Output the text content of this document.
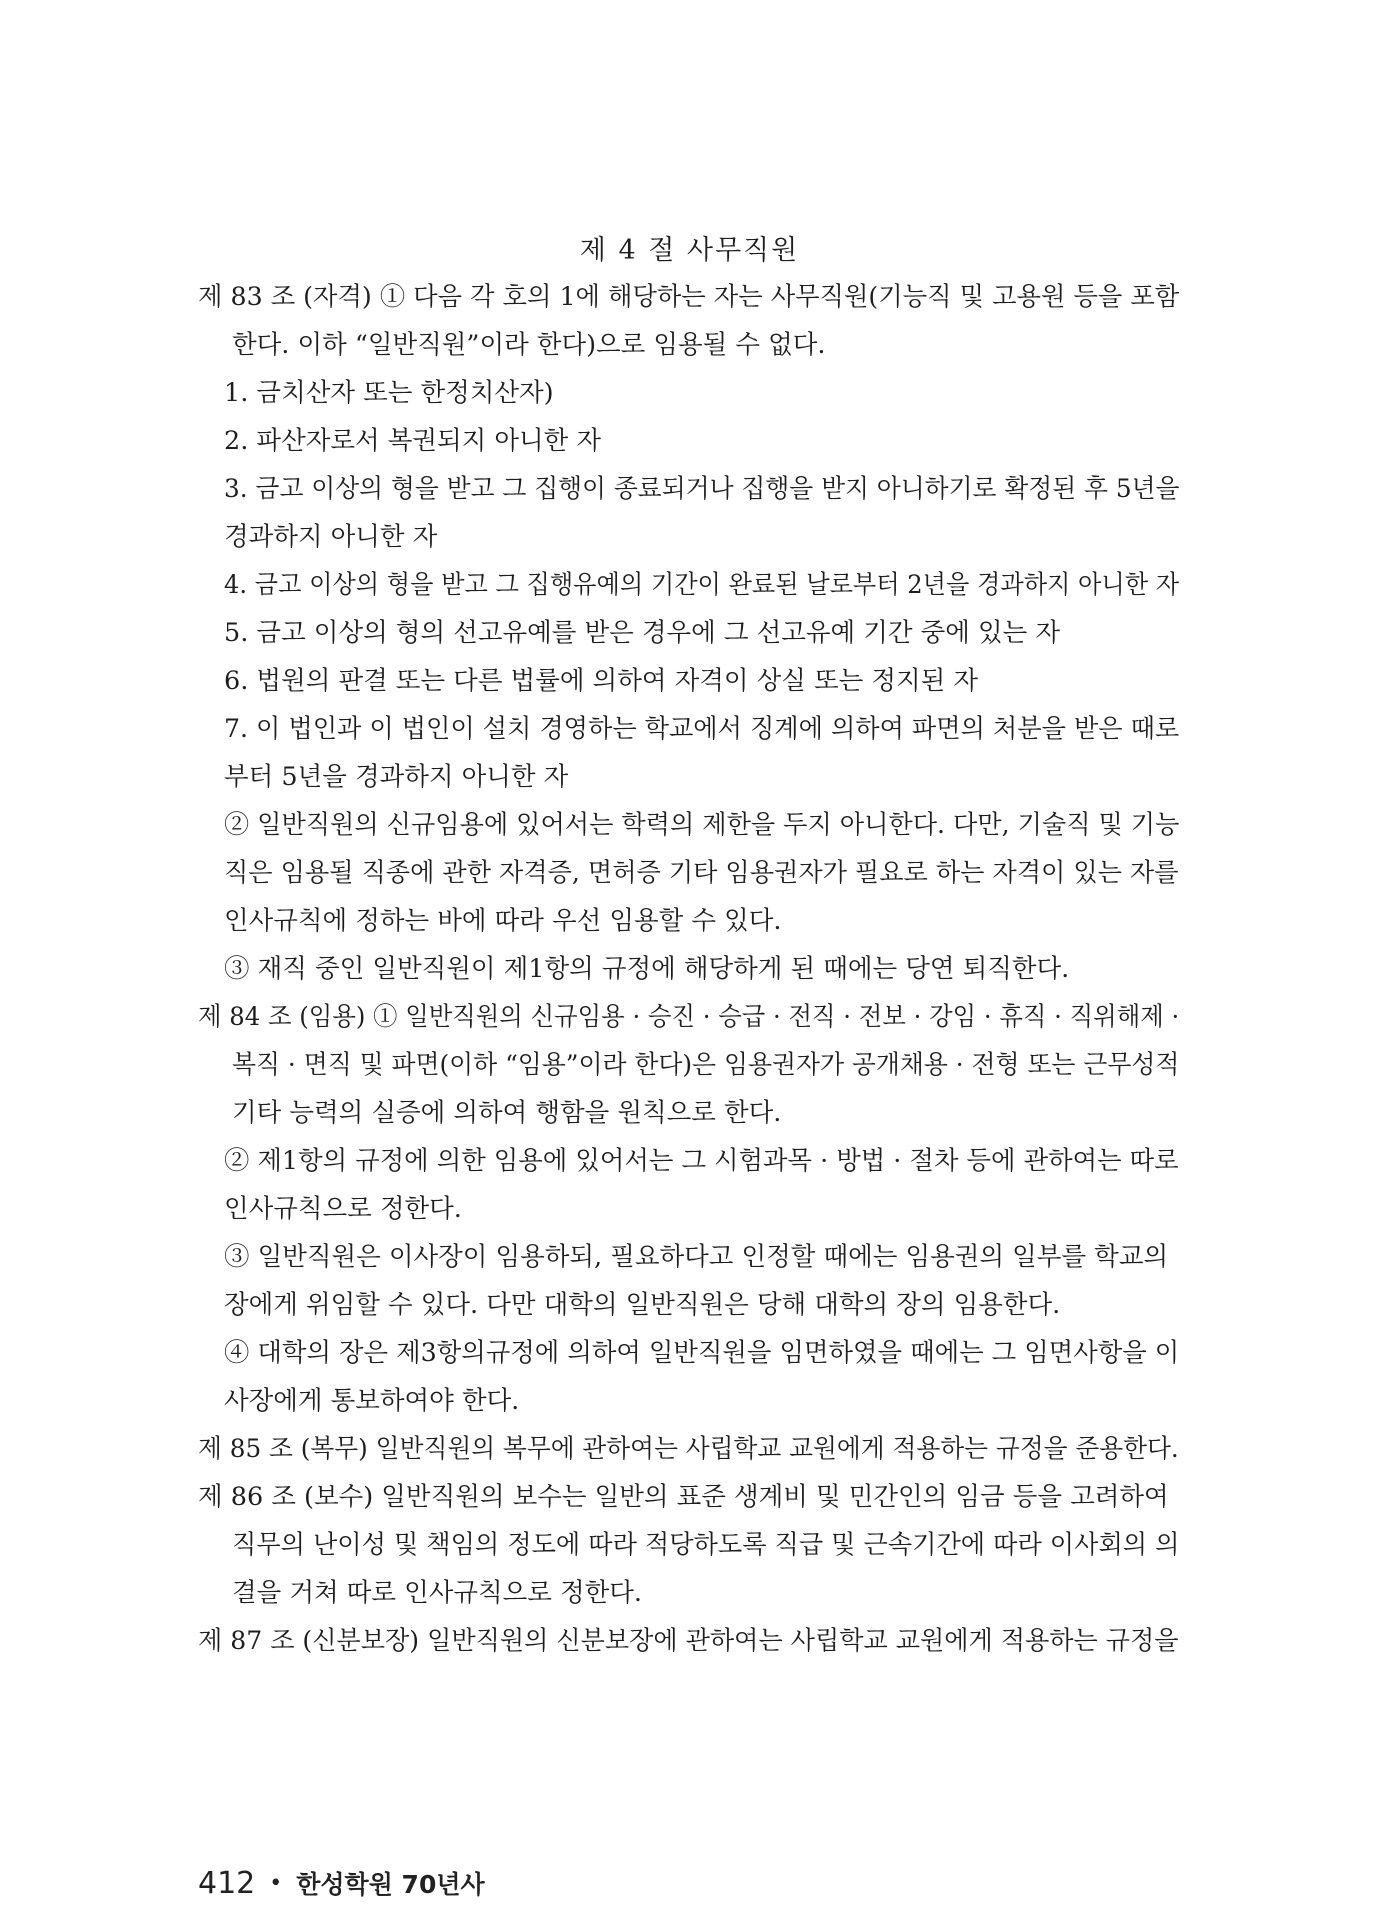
제 4 절 사무직원
제 83 조 (자격) ① 다음 각 호의 1에 해당하는 자는 사무직원(기능직 및 고용원 등을 포함
한다. 이하 “일반직원”이라 한다)으로 임용될 수 없다.
1. 금치산자 또는 한정치산자)
2. 파산자로서 복권되지 아니한 자
3. 금고 이상의 형을 받고 그 집행이 종료되거나 집행을 받지 아니하기로 확정된 후 5년을
경과하지 아니한 자
4. 금고 이상의 형을 받고 그 집행유예의 기간이 완료된 날로부터 2년을 경과하지 아니한 자
5. 금고 이상의 형의 선고유예를 받은 경우에 그 선고유예 기간 중에 있는 자
6. 법원의 판결 또는 다른 법률에 의하여 자격이 상실 또는 정지된 자
7. 이 법인과 이 법인이 설치 경영하는 학교에서 징계에 의하여 파면의 처분을 받은 때로
부터 5년을 경과하지 아니한 자
② 일반직원의 신규임용에 있어서는 학력의 제한을 두지 아니한다. 다만, 기술직 및 기능
직은 임용될 직종에 관한 자격증, 면허증 기타 임용권자가 필요로 하는 자격이 있는 자를
인사규칙에 정하는 바에 따라 우선 임용할 수 있다.
③ 재직 중인 일반직원이 제1항의 규정에 해당하게 된 때에는 당연 퇴직한다.
제 84 조 (임용) ① 일반직원의 신규임용 · 승진 · 승급 · 전직 · 전보 · 강임 · 휴직 · 직위해제 ·
복직 · 면직 및 파면(이하 “임용”이라 한다)은 임용권자가 공개채용 · 전형 또는 근무성적
기타 능력의 실증에 의하여 행함을 원칙으로 한다.
② 제1항의 규정에 의한 임용에 있어서는 그 시험과목 · 방법 · 절차 등에 관하여는 따로
인사규칙으로 정한다.
③ 일반직원은 이사장이 임용하되, 필요하다고 인정할 때에는 임용권의 일부를 학교의
장에게 위임할 수 있다. 다만 대학의 일반직원은 당해 대학의 장의 임용한다.
④ 대학의 장은 제3항의규정에 의하여 일반직원을 임면하였을 때에는 그 임면사항을 이
사장에게 통보하여야 한다.
제 85 조 (복무) 일반직원의 복무에 관하여는 사립학교 교원에게 적용하는 규정을 준용한다.
제 86 조 (보수) 일반직원의 보수는 일반의 표준 생계비 및 민간인의 임금 등을 고려하여
직무의 난이성 및 책임의 정도에 따라 적당하도록 직급 및 근속기간에 따라 이사회의 의
결을 거쳐 따로 인사규칙으로 정한다.
제 87 조 (신분보장) 일반직원의 신분보장에 관하여는 사립학교 교원에게 적용하는 규정을
412 • 한성학원 70년사
